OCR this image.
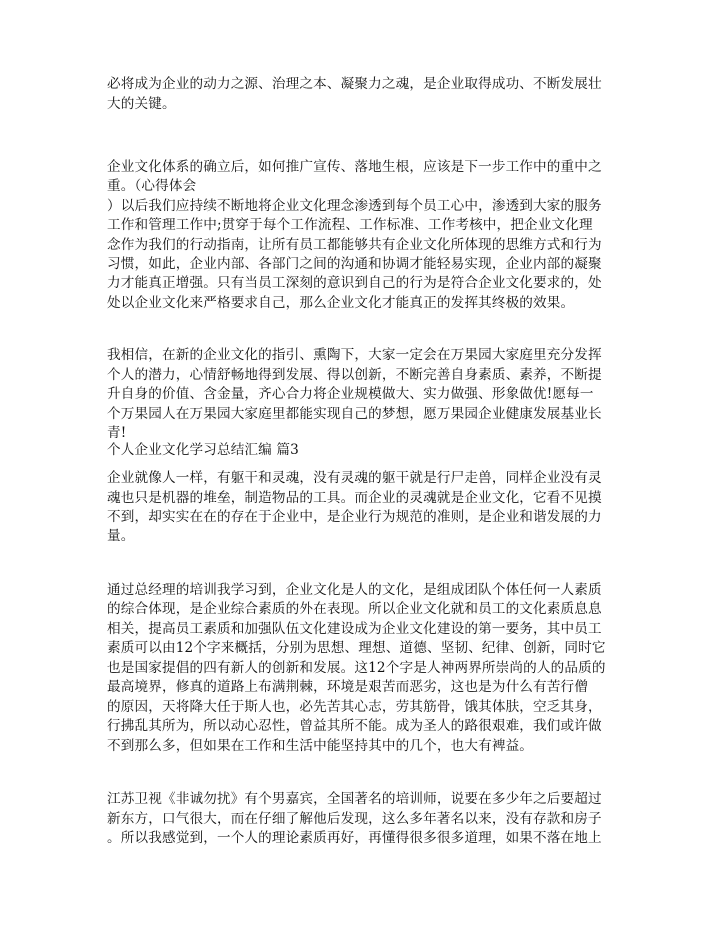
必将成为企业的动力之源、治理之本、凝聚力之魂，是企业取得成功、不断发展壮
大的关键。
企业文化体系的确立后，如何推广宣传、落地生根，应该是下一步工作中的重中之
重。（心得体会
）以后我们应持续不断地将企业文化理念渗透到每个员工心中，渗透到大家的服务
工作和管理工作中;贯穿于每个工作流程、工作标准、工作考核中，把企业文化理
念作为我们的行动指南，让所有员工都能够共有企业文化所体现的思维方式和行为
习惯，如此，企业内部、各部门之间的沟通和协调才能轻易实现，企业内部的凝聚
力才能真正增强。只有当员工深刻的意识到自己的行为是符合企业文化要求的，处
处以企业文化来严格要求自己，那么企业文化才能真正的发挥其终极的效果。
我相信，在新的企业文化的指引、熏陶下，大家一定会在万果园大家庭里充分发挥
个人的潜力，心情舒畅地得到发展、得以创新，不断完善自身素质、素养，不断提
升自身的价值、含金量，齐心合力将企业规模做大、实力做强、形象做优!愿每一
个万果园人在万果园大家庭里都能实现自己的梦想，愿万果园企业健康发展基业长
青!
个人企业文化学习总结汇编 篇3
企业就像人一样，有躯干和灵魂，没有灵魂的躯干就是行尸走兽，同样企业没有灵
魂也只是机器的堆垒，制造物品的工具。而企业的灵魂就是企业文化，它看不见摸
不到，却实实在在的存在于企业中，是企业行为规范的准则，是企业和谐发展的力
量。
通过总经理的培训我学习到，企业文化是人的文化，是组成团队个体任何一人素质
的综合体现，是企业综合素质的外在表现。所以企业文化就和员工的文化素质息息
相关，提高员工素质和加强队伍文化建设成为企业文化建设的第一要务，其中员工
素质可以由12个字来概括，分别为思想、理想、道德、坚韧、纪律、创新，同时它
也是国家提倡的四有新人的创新和发展。这12个字是人神两界所崇尚的人的品质的
最高境界，修真的道路上布满荆棘，环境是艰苦而恶劣，这也是为什么有苦行僧
的原因，天将降大任于斯人也，必先苦其心志，劳其筋骨，饿其体肤，空乏其身，
行拂乱其所为，所以动心忍性，曾益其所不能。成为圣人的路很艰难，我们或许做
不到那么多，但如果在工作和生活中能坚持其中的几个，也大有裨益。
江苏卫视《非诚勿扰》有个男嘉宾，全国著名的培训师，说要在多少年之后要超过
新东方，口气很大，而在仔细了解他后发现，这么多年著名以来，没有存款和房子
。所以我感觉到，一个人的理论素质再好，再懂得很多很多道理，如果不落在地上
